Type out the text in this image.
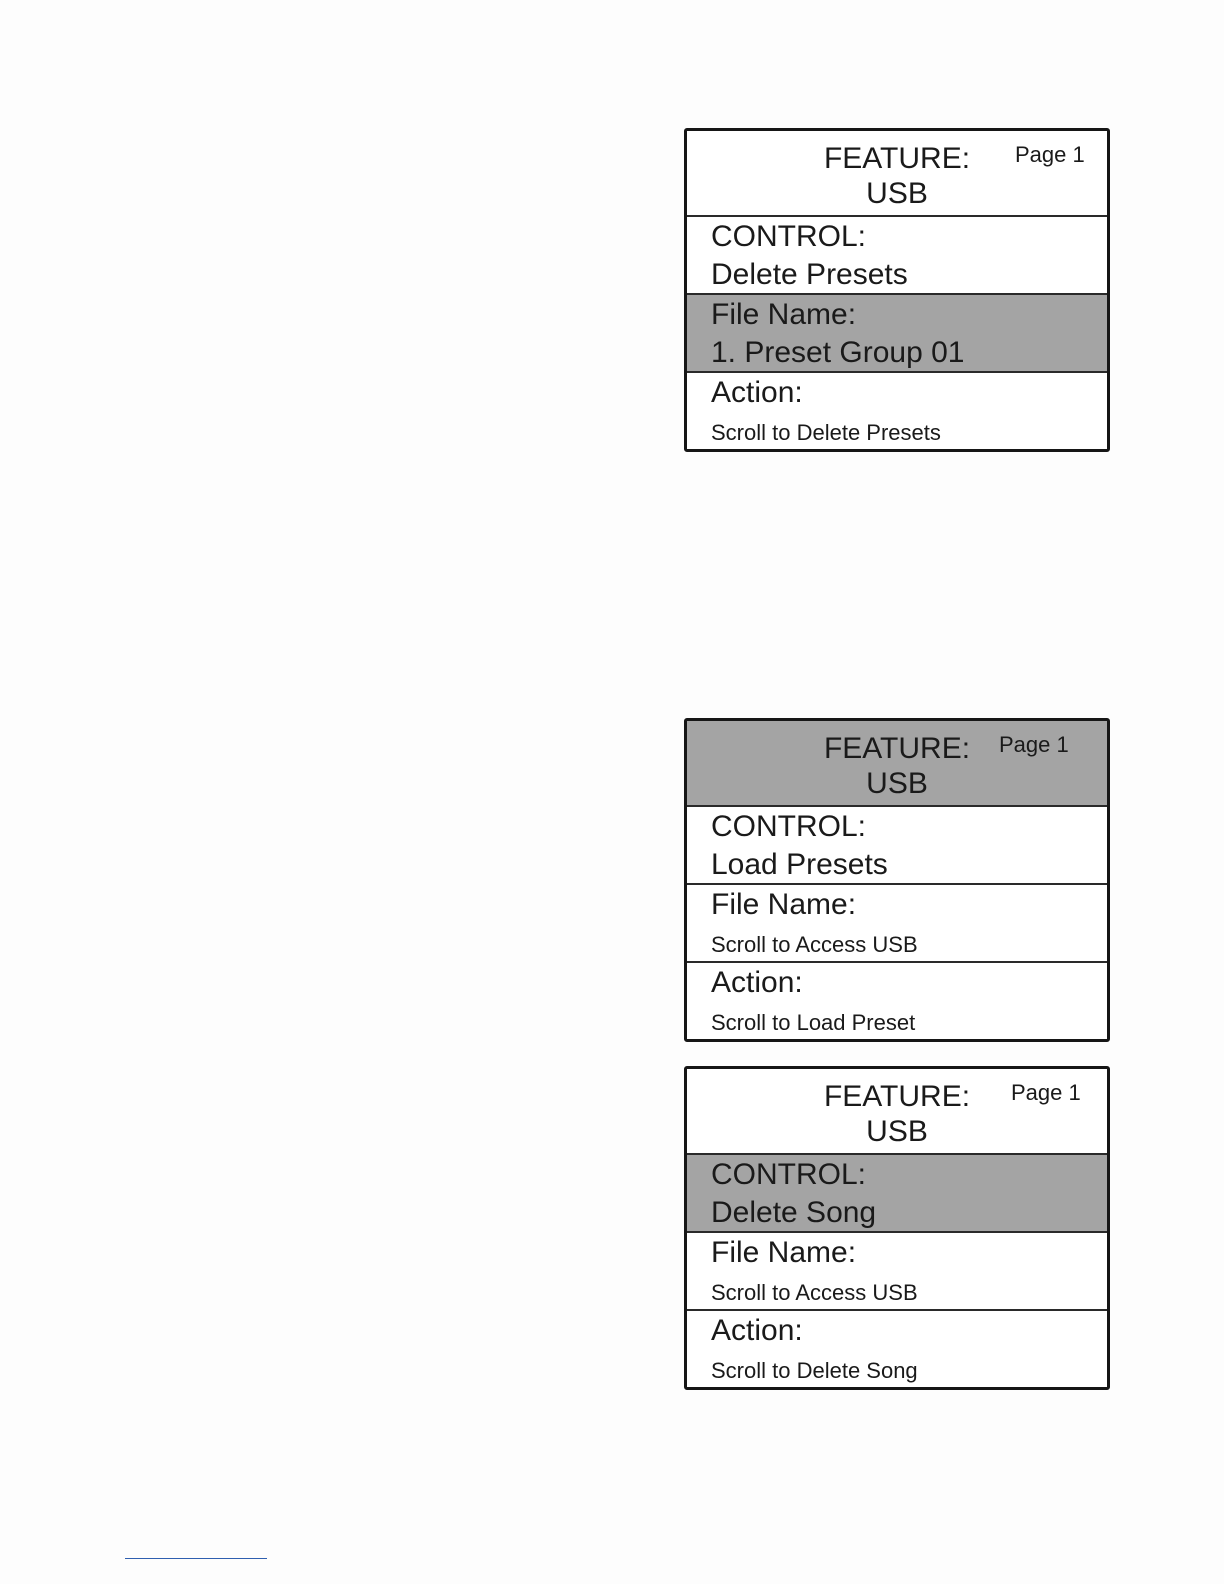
FEATURE:
USB
Page 1
CONTROL:
Delete Presets
File Name:
1. Preset Group 01
Action:
Scroll to Delete Presets
FEATURE:
USB
Page 1
CONTROL:
Load Presets
File Name:
Scroll to Access USB
Action:
Scroll to Load Preset
FEATURE:
USB
Page 1
CONTROL:
Delete Song
File Name:
Scroll to Access USB
Action:
Scroll to Delete Song
